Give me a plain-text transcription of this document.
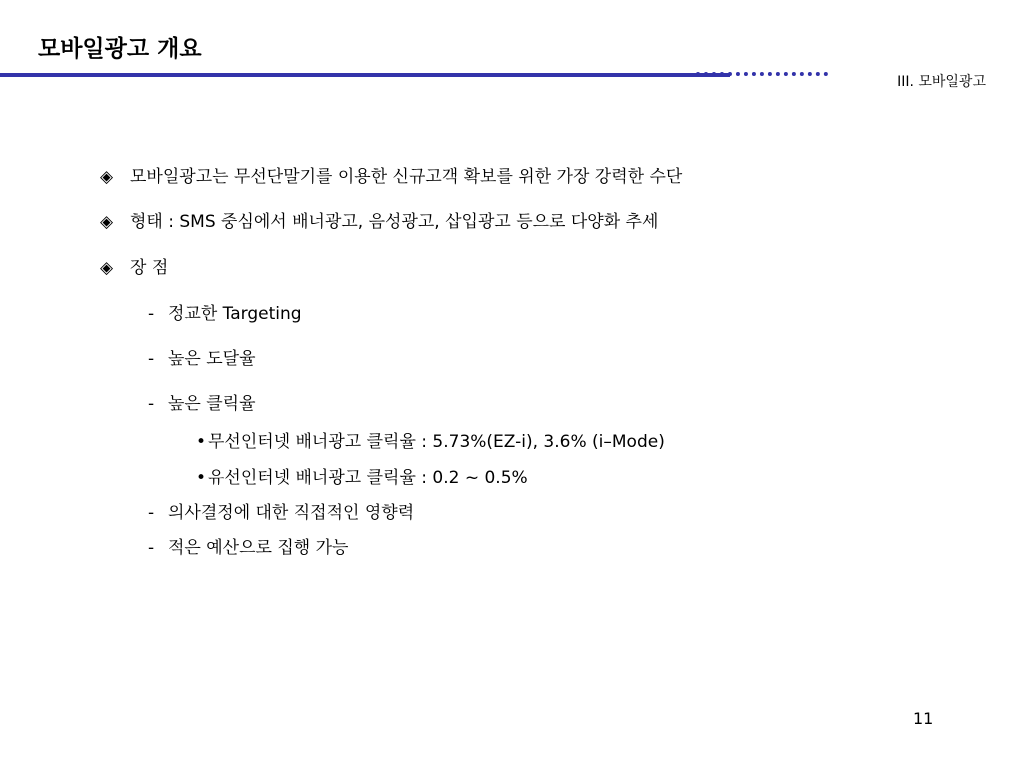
모바일광고 개요
III. 모바일광고
◈ 모바일광고는 무선단말기를 이용한 신규고객 확보를 위한 가장 강력한 수단
◈ 형태 : SMS 중심에서 배너광고, 음성광고, 삽입광고 등으로 다양화 추세
◈ 장 점
- 정교한 Targeting
- 높은 도달율
- 높은 클릭율
• 무선인터넷 배너광고 클릭율 : 5.73%(EZ-i), 3.6% (i–Mode)
• 유선인터넷 배너광고 클릭율 : 0.2 ~ 0.5%
- 의사결정에 대한 직접적인 영향력
- 적은 예산으로 집행 가능
11
